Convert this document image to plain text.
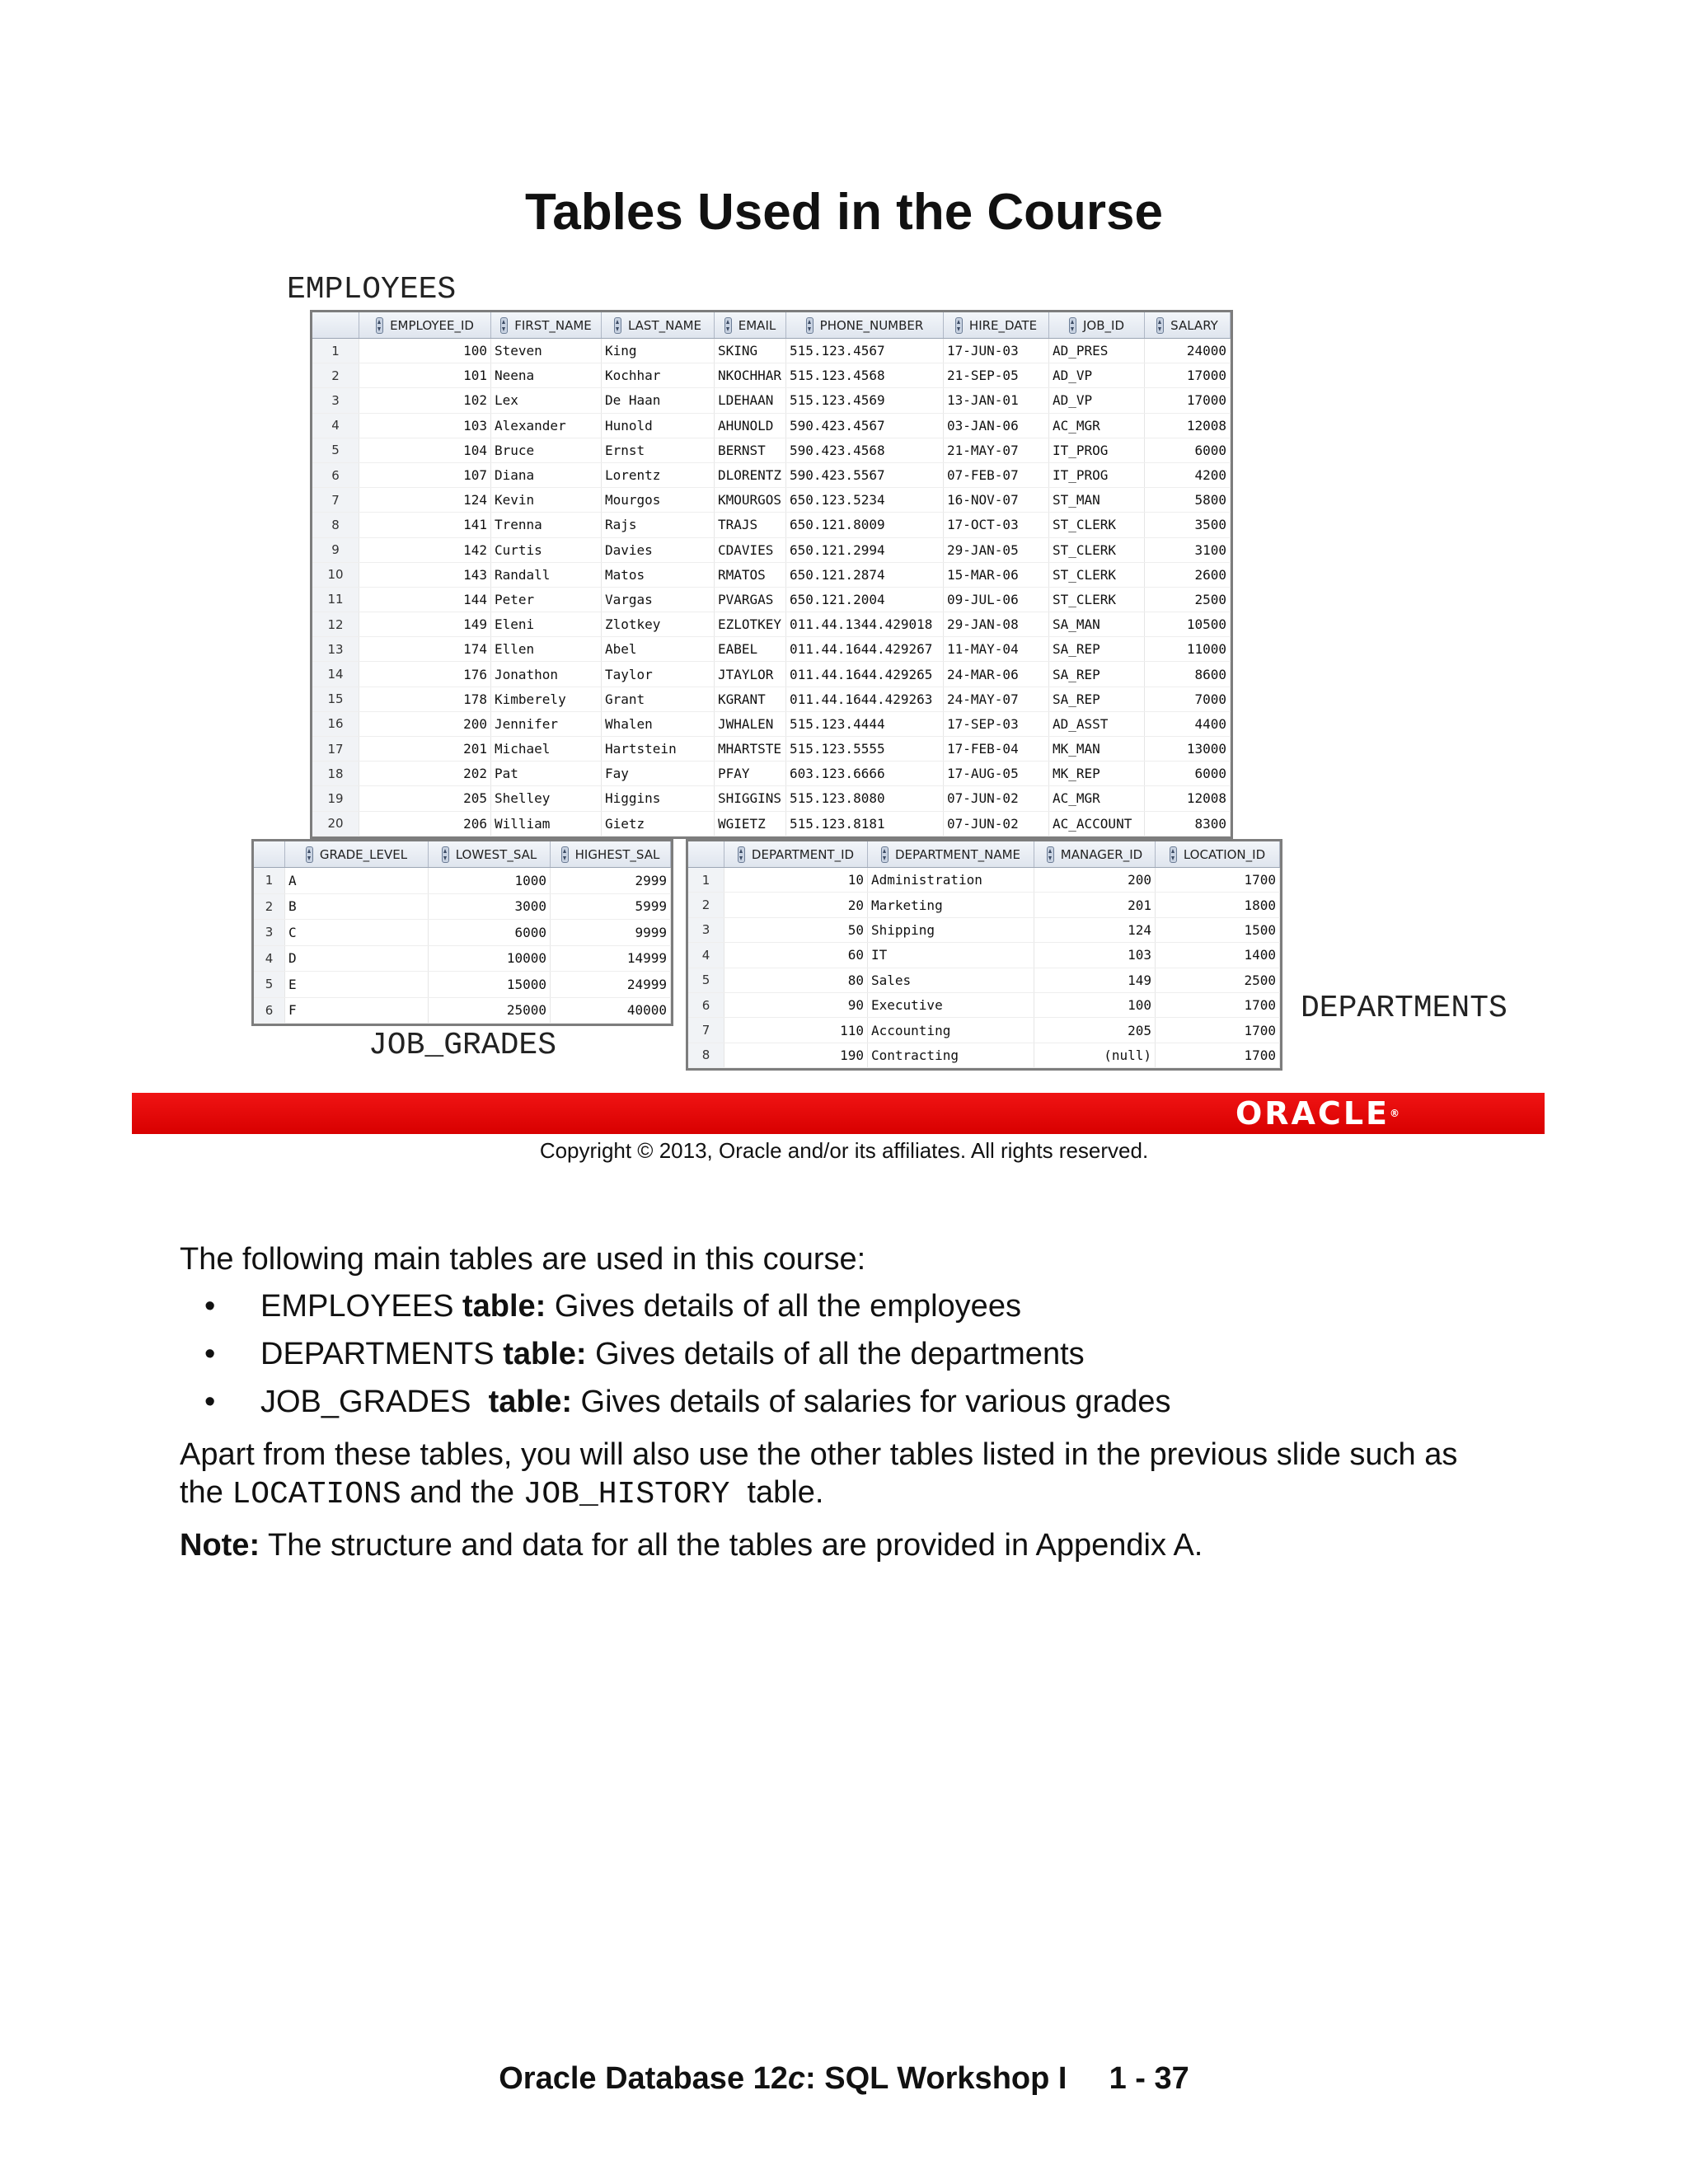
Tables Used in the Course
EMPLOYEES
EMPLOYEE_ID	FIRST_NAME	LAST_NAME	EMAIL	PHONE_NUMBER	HIRE_DATE	JOB_ID	SALARY
1	100 Steven	King	SKING	515.123.4567	17-JUN-03	AD_PRES	24000
2	101 Neena	Kochhar	NKOCHHAR 515.123.4568	21-SEP-05	AD_VP	17000
3	102 Lex	De Haan	LDEHAAN	515.123.4569	13-JAN-01	AD_VP	17000
4	103 Alexander	Hunold	AHUNOLD	590.423.4567	03-JAN-06	AC_MGR	12008
5	104 Bruce	Ernst	BERNST	590.423.4568	21-MAY-07	IT_PROG	6000
6	107 Diana	Lorentz	DLORENTZ 590.423.5567	07-FEB-07	IT_PROG	4200
7	124 Kevin	Mourgos	KMOURGOS 650.123.5234	16-NOV-07	ST_MAN	5800
8	141 Trenna	Rajs	TRAJS	650.121.8009	17-OCT-03	ST_CLERK	3500
9	142 Curtis	Davies	CDAVIES	650.121.2994	29-JAN-05	ST_CLERK	3100
10	143 Randall	Matos	RMATOS	650.121.2874	15-MAR-06	ST_CLERK	2600
11	144 Peter	Vargas	PVARGAS	650.121.2004	09-JUL-06	ST_CLERK	2500
12	149 Eleni	Zlotkey	EZLOTKEY 011.44.1344.429018	29-JAN-08	SA_MAN	10500
13	174 Ellen	Abel	EABEL	011.44.1644.429267	11-MAY-04	SA_REP	11000
14	176 Jonathon	Taylor	JTAYLOR	011.44.1644.429265	24-MAR-06	SA_REP	8600
15	178 Kimberely	Grant	KGRANT	011.44.1644.429263	24-MAY-07	SA_REP	7000
16	200 Jennifer	Whalen	JWHALEN	515.123.4444	17-SEP-03	AD_ASST	4400
17	201 Michael	Hartstein	MHARTSTE 515.123.5555	17-FEB-04	MK_MAN	13000
18	202 Pat	Fay	PFAY	603.123.6666	17-AUG-05	MK_REP	6000
19	205 Shelley	Higgins	SHIGGINS 515.123.8080	07-JUN-02	AC_MGR	12008
20	206 William	Gietz	WGIETZ	515.123.8181	07-JUN-02	AC_ACCOUNT	8300
GRADE_LEVEL	LOWEST_SAL	HIGHEST_SAL
1	A	1000	2999
2	B	3000	5999
3	C	6000	9999
4	D	10000	14999
5	E	15000	24999
6	F	25000	40000
JOB_GRADES
DEPARTMENT_ID	DEPARTMENT_NAME	MANAGER_ID	LOCATION_ID
1	10 Administration	200	1700
2	20 Marketing	201	1800
3	50 Shipping	124	1500
4	60 IT	103	1400
5	80 Sales	149	2500
6	90 Executive	100	1700
7	110 Accounting	205	1700
8	190 Contracting	(null)	1700
DEPARTMENTS
ORACLE®
Copyright © 2013, Oracle and/or its affiliates. All rights reserved.
The following main tables are used in this course:
• EMPLOYEES table: Gives details of all the employees
• DEPARTMENTS table: Gives details of all the departments
• JOB_GRADES  table: Gives details of salaries for various grades
Apart from these tables, you will also use the other tables listed in the previous slide such as
the LOCATIONS and the JOB_HISTORY  table.
Note: The structure and data for all the tables are provided in Appendix A.
Oracle Database 12c: SQL Workshop I 1 - 37
